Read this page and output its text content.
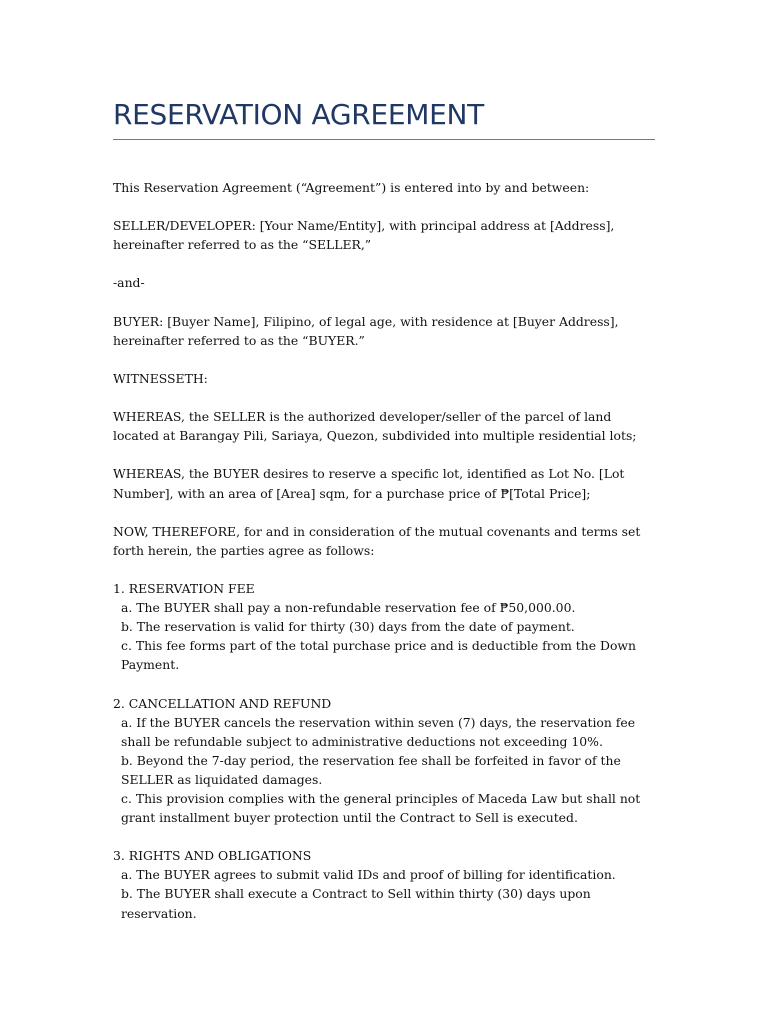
RESERVATION AGREEMENT

This Reservation Agreement (“Agreement”) is entered into by and between:

SELLER/DEVELOPER: [Your Name/Entity], with principal address at [Address], hereinafter referred to as the “SELLER,”

-and-

BUYER: [Buyer Name], Filipino, of legal age, with residence at [Buyer Address], hereinafter referred to as the “BUYER.”

WITNESSETH:

WHEREAS, the SELLER is the authorized developer/seller of the parcel of land located at Barangay Pili, Sariaya, Quezon, subdivided into multiple residential lots;

WHEREAS, the BUYER desires to reserve a specific lot, identified as Lot No. [Lot Number], with an area of [Area] sqm, for a purchase price of ₱[Total Price];

NOW, THEREFORE, for and in consideration of the mutual covenants and terms set forth herein, the parties agree as follows:

1. RESERVATION FEE
a. The BUYER shall pay a non-refundable reservation fee of ₱50,000.00.
b. The reservation is valid for thirty (30) days from the date of payment.
c. This fee forms part of the total purchase price and is deductible from the Down Payment.

2. CANCELLATION AND REFUND
a. If the BUYER cancels the reservation within seven (7) days, the reservation fee shall be refundable subject to administrative deductions not exceeding 10%.
b. Beyond the 7-day period, the reservation fee shall be forfeited in favor of the SELLER as liquidated damages.
c. This provision complies with the general principles of Maceda Law but shall not grant installment buyer protection until the Contract to Sell is executed.

3. RIGHTS AND OBLIGATIONS
a. The BUYER agrees to submit valid IDs and proof of billing for identification.
b. The BUYER shall execute a Contract to Sell within thirty (30) days upon reservation.
